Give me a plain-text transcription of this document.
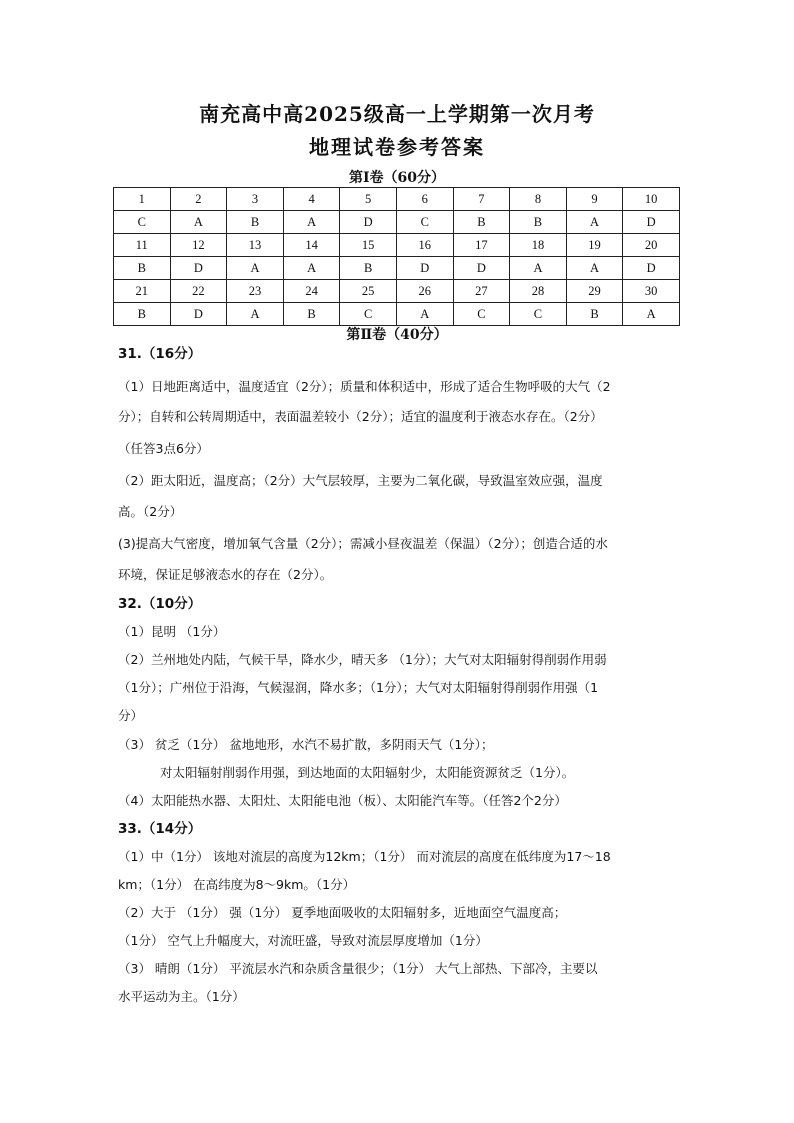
南充高中高2025级高一上学期第一次月考
地理试卷参考答案
第Ⅰ卷（60分）
1	2	3	4	5	6	7	8	9	10
C	A	B	A	D	C	B	B	A	D
11	12	13	14	15	16	17	18	19	20
B	D	A	A	B	D	D	A	A	D
21	22	23	24	25	26	27	28	29	30
B	D	A	B	C	A	C	C	B	A
第Ⅱ卷（40分）
31.（16分）
（1）日地距离适中，温度适宜（2分）；质量和体积适中，形成了适合生物呼吸的大气（2
分）；自转和公转周期适中，表面温差较小（2分）；适宜的温度利于液态水存在。（2分）
（任答3点6分）
（2）距太阳近，温度高；（2分）大气层较厚，主要为二氧化碳，导致温室效应强，温度
高。（2分）
(3)提高大气密度，增加氧气含量（2分）；需减小昼夜温差（保温）（2分）；创造合适的水
环境，保证足够液态水的存在（2分）。
32.（10分）
（1）昆明 （1分）
（2）兰州地处内陆，气候干旱，降水少，晴天多 （1分）；大气对太阳辐射得削弱作用弱
（1分）；广州位于沿海，气候湿润，降水多；（1分）；大气对太阳辐射得削弱作用强（1
分）
（3） 贫乏（1分） 盆地地形，水汽不易扩散，多阴雨天气（1分）；
对太阳辐射削弱作用强，到达地面的太阳辐射少，太阳能资源贫乏（1分）。
（4）太阳能热水器、太阳灶、太阳能电池（板）、太阳能汽车等。（任答2个2分）
33.（14分）
（1）中（1分） 该地对流层的高度为12km；（1分） 而对流层的高度在低纬度为17～18
km；（1分） 在高纬度为8～9km。（1分）
（2）大于 （1分） 强（1分） 夏季地面吸收的太阳辐射多，近地面空气温度高；
（1分） 空气上升幅度大，对流旺盛，导致对流层厚度增加（1分）
（3） 晴朗（1分） 平流层水汽和杂质含量很少；（1分） 大气上部热、下部冷，主要以
水平运动为主。（1分）
